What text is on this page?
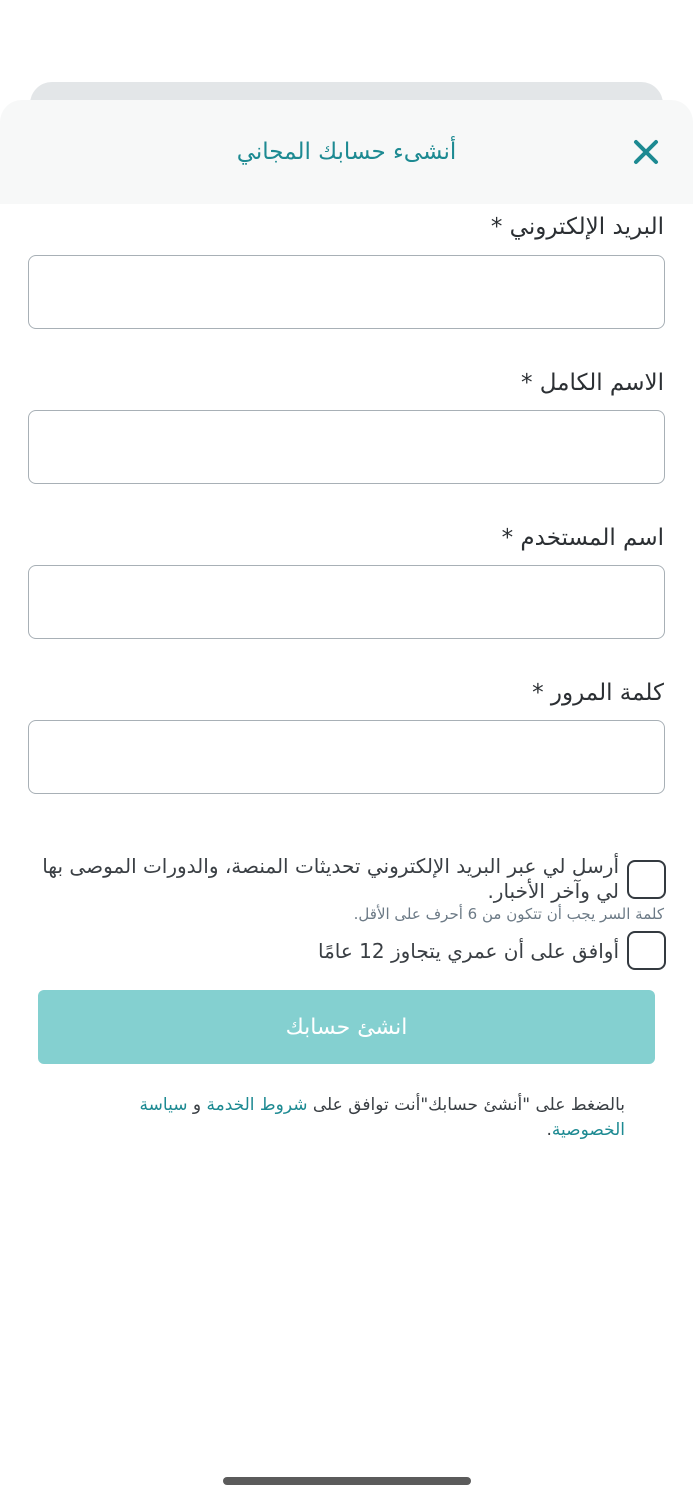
أنشىء حسابك المجاني
البريد الإلكتروني *
الاسم الكامل *
اسم المستخدم *
كلمة المرور *
كلمة السر يجب أن تتكون من 6 أحرف على الأقل.
أرسل لي عبر البريد الإلكتروني تحديثات المنصة، والدورات الموصى بها لي وآخر الأخبار.
أوافق على أن عمري يتجاوز 12 عامًا
انشئ حسابك
بالضغط على "أنشئ حسابك"أنت توافق على شروط الخدمة و سياسة الخصوصية.
